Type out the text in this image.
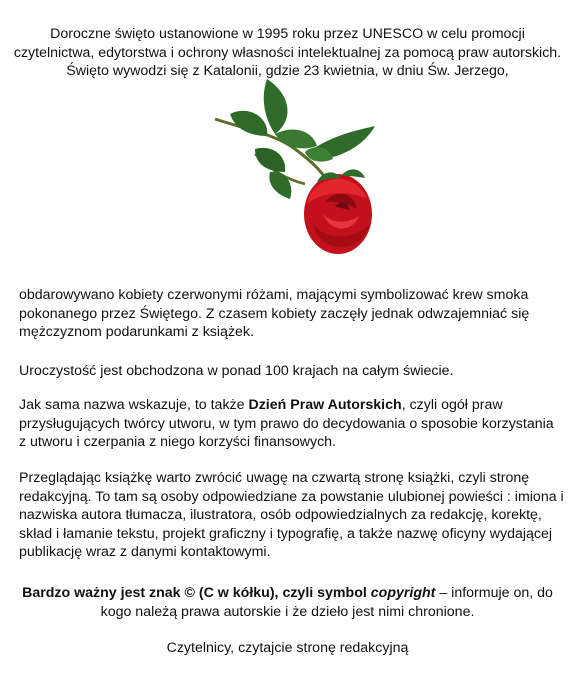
Doroczne święto ustanowione w 1995 roku przez UNESCO w celu promocji czytelnictwa, edytorstwa i ochrony własności intelektualnej za pomocą praw autorskich. Święto wywodzi się z Katalonii, gdzie 23 kwietnia, w dniu Św. Jerzego,

obdarowywano kobiety czerwonymi różami, mającymi symbolizować krew smoka pokonanego przez Świętego. Z czasem kobiety zaczęły jednak odwzajemniać się mężczyznom podarunkami z książek.

Uroczystość jest obchodzona w ponad 100 krajach na całym świecie.

Jak sama nazwa wskazuje, to także Dzień Praw Autorskich, czyli ogół praw przysługujących twórcy utworu, w tym prawo do decydowania o sposobie korzystania z utworu i czerpania z niego korzyści finansowych.

Przeglądając książkę warto zwrócić uwagę na czwartą stronę książki, czyli stronę redakcyjną. To tam są osoby odpowiedziane za powstanie ulubionej powieści : imiona i nazwiska autora tłumacza, ilustratora, osób odpowiedzialnych za redakcję, korektę, skład i łamanie tekstu, projekt graficzny i typografię, a także nazwę oficyny wydającej publikację wraz z danymi kontaktowymi.

Bardzo ważny jest znak © (C w kółku), czyli symbol copyright – informuje on, do kogo należą prawa autorskie i że dzieło jest nimi chronione.

Czytelnicy, czytajcie stronę redakcyjną
